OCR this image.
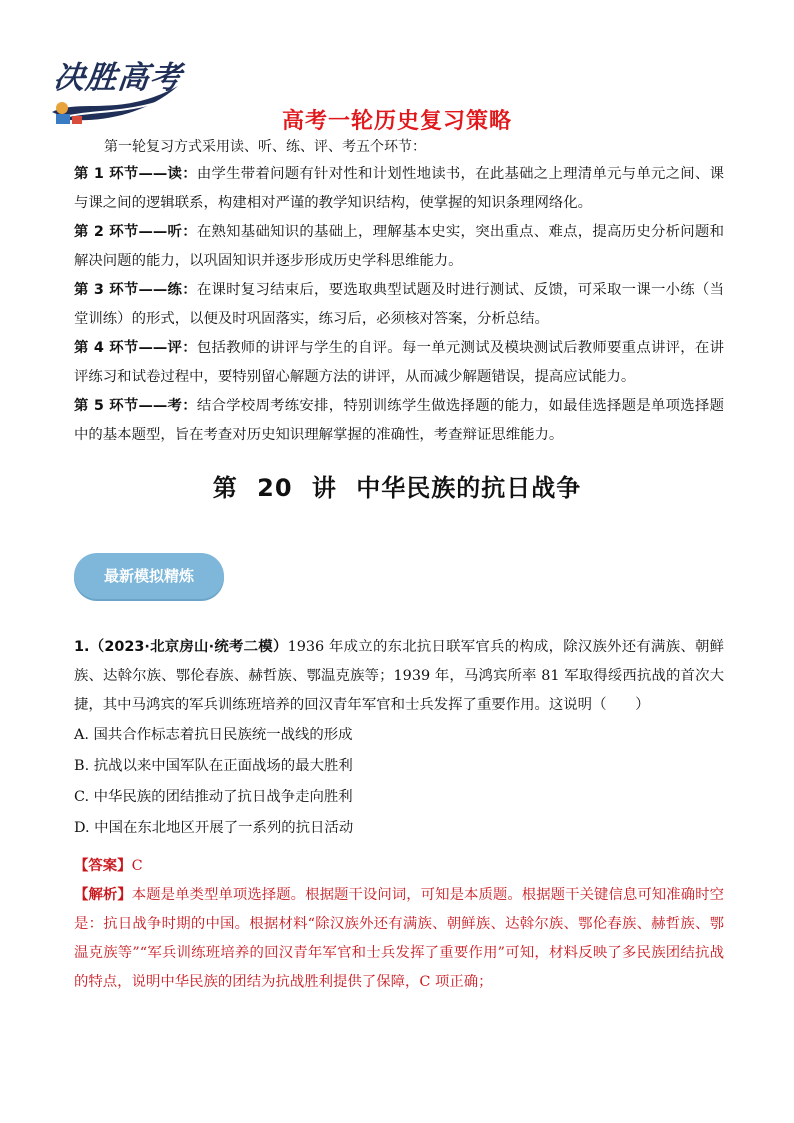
决胜高考
高考一轮历史复习策略
第一轮复习方式采用读、听、练、评、考五个环节：

第 1 环节——读：由学生带着问题有针对性和计划性地读书，在此基础之上理清单元与单元之间、课与课之间的逻辑联系，构建相对严谨的教学知识结构，使掌握的知识条理网络化。

第 2 环节——听：在熟知基础知识的基础上，理解基本史实，突出重点、难点，提高历史分析问题和解决问题的能力，以巩固知识并逐步形成历史学科思维能力。

第 3 环节——练：在课时复习结束后，要选取典型试题及时进行测试、反馈，可采取一课一小练（当堂训练）的形式，以便及时巩固落实，练习后，必须核对答案，分析总结。

第 4 环节——评：包括教师的讲评与学生的自评。每一单元测试及模块测试后教师要重点讲评，在讲评练习和试卷过程中，要特别留心解题方法的讲评，从而减少解题错误，提高应试能力。

第 5 环节——考：结合学校周考练安排，特别训练学生做选择题的能力，如最佳选择题是单项选择题中的基本题型，旨在考查对历史知识理解掌握的准确性，考查辩证思维能力。

第 20 讲 中华民族的抗日战争
最新模拟精炼

1.（2023·北京房山·统考二模）1936 年成立的东北抗日联军官兵的构成，除汉族外还有满族、朝鲜族、达斡尔族、鄂伦春族、赫哲族、鄂温克族等；1939 年，马鸿宾所率 81 军取得绥西抗战的首次大捷，其中马鸿宾的军兵训练班培养的回汉青年军官和士兵发挥了重要作用。这说明（　　）

A. 国共合作标志着抗日民族统一战线的形成
B. 抗战以来中国军队在正面战场的最大胜利
C. 中华民族的团结推动了抗日战争走向胜利
D. 中国在东北地区开展了一系列的抗日活动

【答案】C

【解析】本题是单类型单项选择题。根据题干设问词，可知是本质题。根据题干关键信息可知准确时空是：抗日战争时期的中国。根据材料“除汉族外还有满族、朝鲜族、达斡尔族、鄂伦春族、赫哲族、鄂温克族等”“军兵训练班培养的回汉青年军官和士兵发挥了重要作用”可知，材料反映了多民族团结抗战的特点，说明中华民族的团结为抗战胜利提供了保障，C 项正确；
